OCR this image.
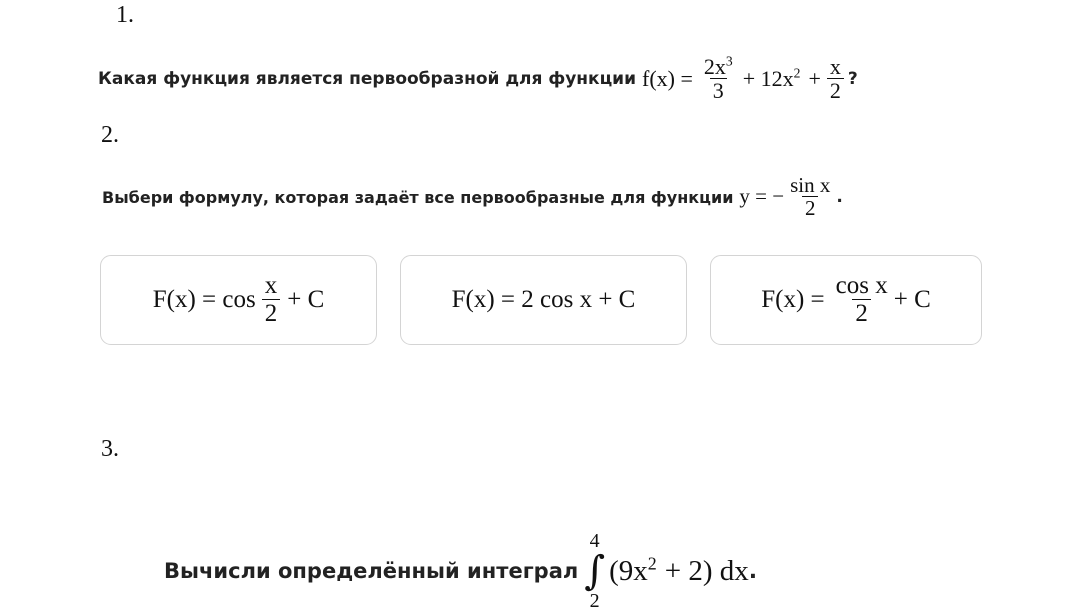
1.
Какая функция является первообразной для функции $f(x) = \frac{2x^3}{3} + 12x^2 + \frac{x}{2}$ ?
2.
Выбери формулу, которая задаёт все первообразные для функции y = − $\frac{\text{sin x}}{2}$ .
$F(x) = \cos \frac{x}{2} + C$	F(x) = 2 cos x + C	$F(x) = \frac{\text{cos x}}{2} + C$
3.
Вычисли определённый интеграл
4
∫
2
$(9x^2 + 2)$ dx .
